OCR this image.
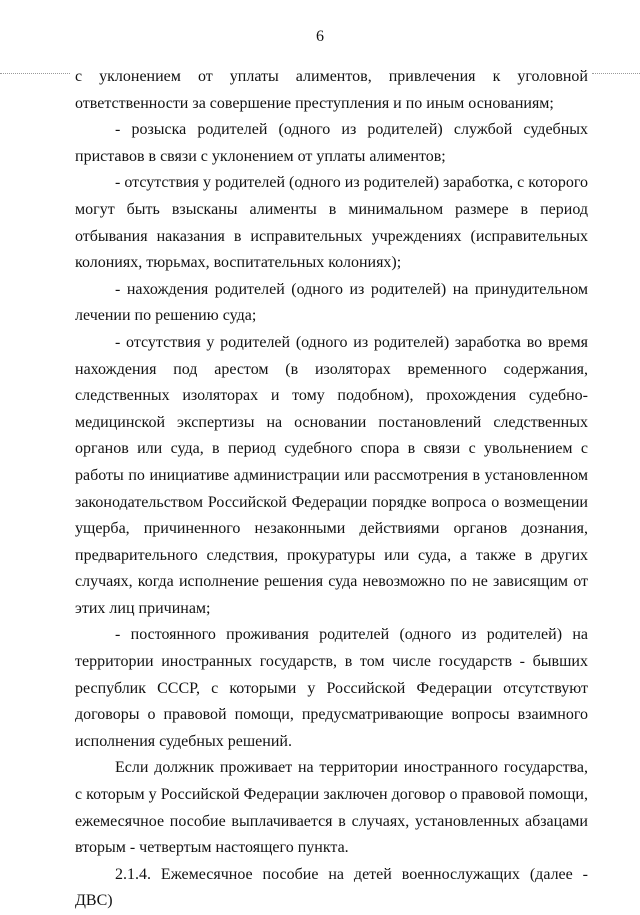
6

с уклонением от уплаты алиментов, привлечения к уголовной ответственности за совершение преступления и по иным основаниям;

- розыска родителей (одного из родителей) службой судебных приставов в связи с уклонением от уплаты алиментов;

- отсутствия у родителей (одного из родителей) заработка, с которого могут быть взысканы алименты в минимальном размере в период отбывания наказания в исправительных учреждениях (исправительных колониях, тюрьмах, воспитательных колониях);

- нахождения родителей (одного из родителей) на принудительном лечении по решению суда;

- отсутствия у родителей (одного из родителей) заработка во время нахождения под арестом (в изоляторах временного содержания, следственных изоляторах и тому подобном), прохождения судебно-медицинской экспертизы на основании постановлений следственных органов или суда, в период судебного спора в связи с увольнением с работы по инициативе администрации или рассмотрения в установленном законодательством Российской Федерации порядке вопроса о возмещении ущерба, причиненного незаконными действиями органов дознания, предварительного следствия, прокуратуры или суда, а также в других случаях, когда исполнение решения суда невозможно по не зависящим от этих лиц причинам;

- постоянного проживания родителей (одного из родителей) на территории иностранных государств, в том числе государств - бывших республик СССР, с которыми у Российской Федерации отсутствуют договоры о правовой помощи, предусматривающие вопросы взаимного исполнения судебных решений.

Если должник проживает на территории иностранного государства, с которым у Российской Федерации заключен договор о правовой помощи, ежемесячное пособие выплачивается в случаях, установленных абзацами вторым - четвертым настоящего пункта.

2.1.4. Ежемесячное пособие на детей военнослужащих (далее - ДВС)
